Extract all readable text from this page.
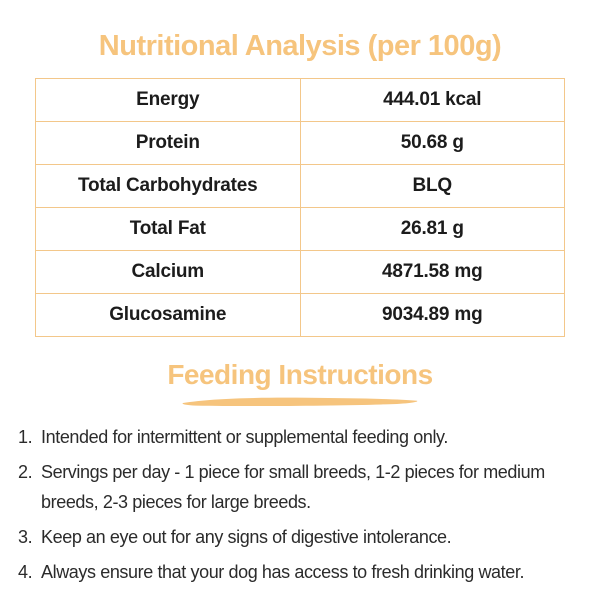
Nutritional Analysis (per 100g)
Energy	444.01 kcal
Protein	50.68 g
Total Carbohydrates	BLQ
Total Fat	26.81 g
Calcium	4871.58 mg
Glucosamine	9034.89 mg
Feeding Instructions
1. Intended for intermittent or supplemental feeding only.
2. Servings per day - 1 piece for small breeds, 1-2 pieces for medium
breeds, 2-3 pieces for large breeds.
3. Keep an eye out for any signs of digestive intolerance.
4. Always ensure that your dog has access to fresh drinking water.
